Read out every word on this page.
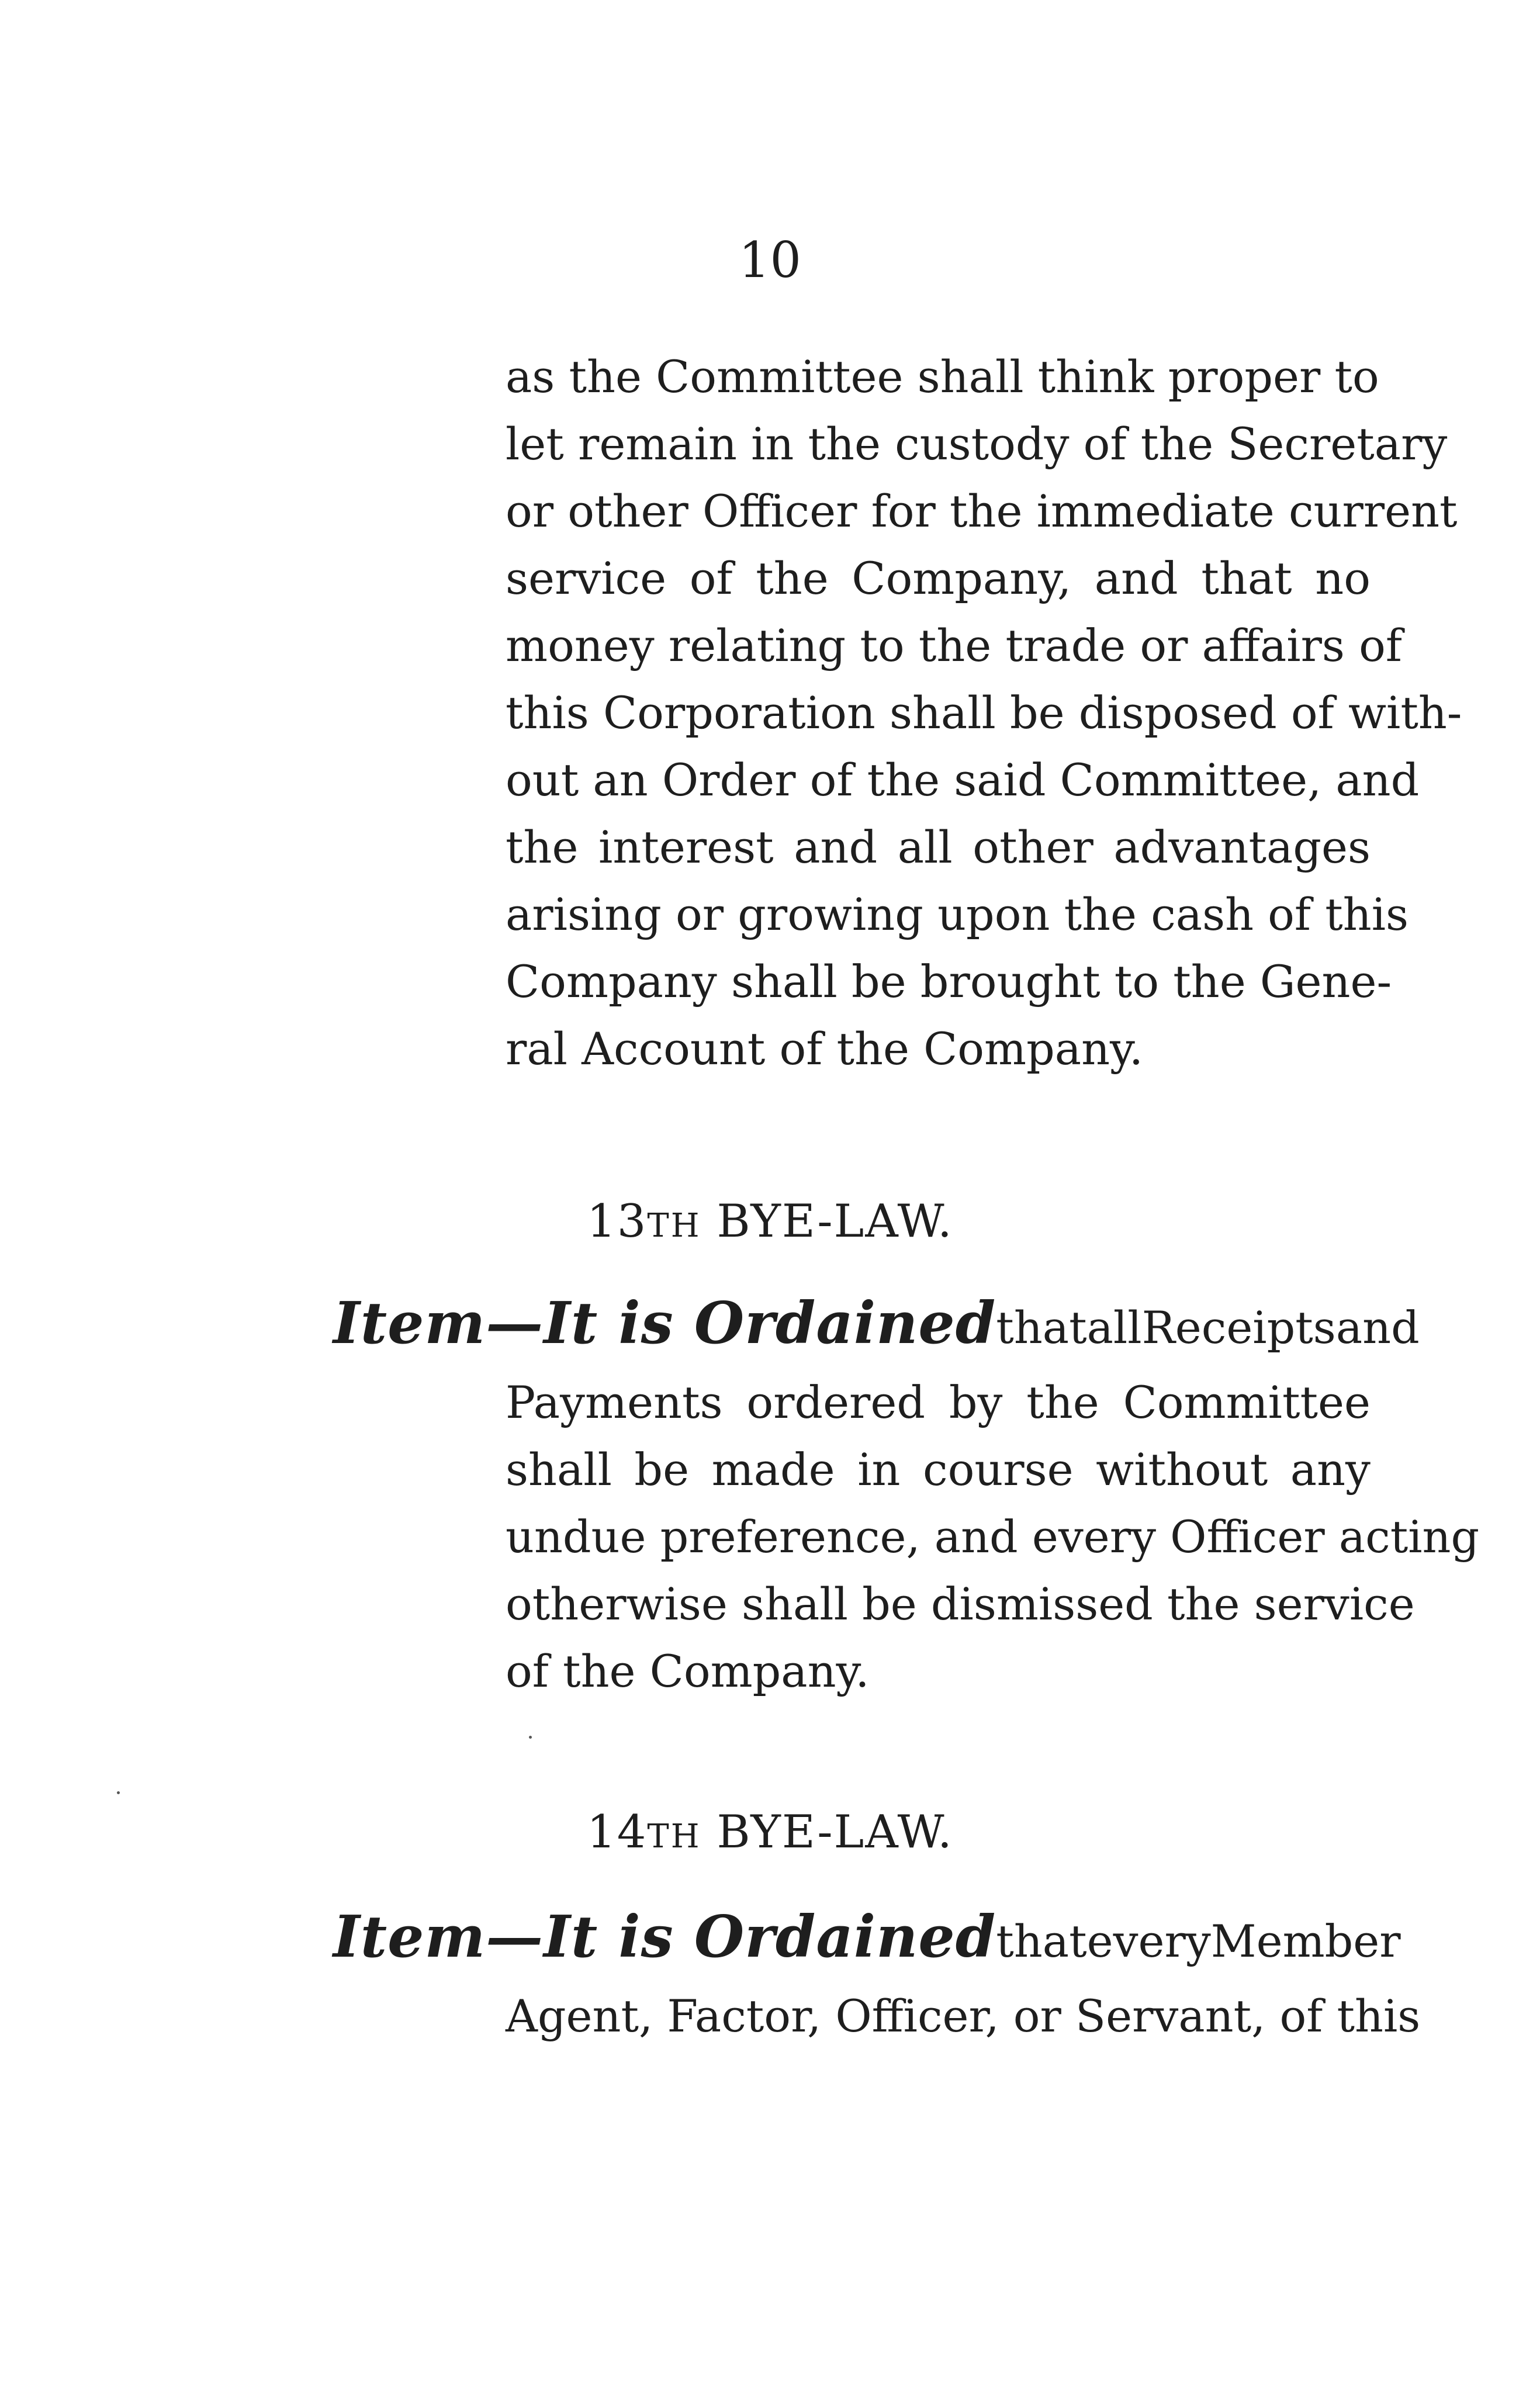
10
as the Committee shall think proper to
let remain in the custody of the Secretary
or other Officer for the immediate current
service of the Company, and that no
money relating to the trade or affairs of
this Corporation shall be disposed of with-
out an Order of the said Committee, and
the interest and all other advantages
arising or growing upon the cash of this
Company shall be brought to the Gene-
ral Account of the Company.
13TH BYE-LAW.
Item—It is Ordained that all Receipts and
Payments ordered by the Committee
shall be made in course without any
undue preference, and every Officer acting
otherwise shall be dismissed the service
of the Company.
14TH BYE-LAW.
Item—It is Ordained that every Member
Agent, Factor, Officer, or Servant, of this
